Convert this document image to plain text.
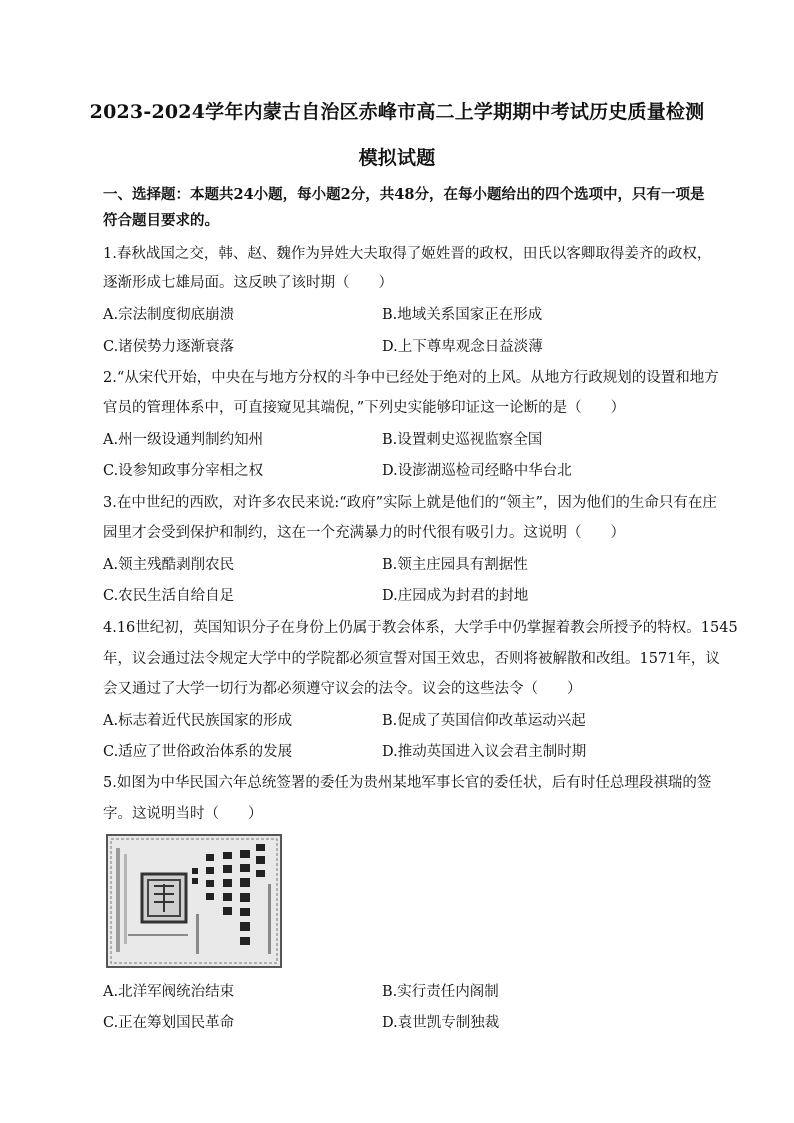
2023-2024学年内蒙古自治区赤峰市高二上学期期中考试历史质量检测
模拟试题
一、选择题：本题共24小题，每小题2分，共48分，在每小题给出的四个选项中，只有一项是
符合题目要求的。
1.春秋战国之交，韩、赵、魏作为异姓大夫取得了姬姓晋的政权，田氏以客卿取得姜齐的政权，
逐渐形成七雄局面。这反映了该时期（　　）
A.宗法制度彻底崩溃	B.地域关系国家正在形成
C.诸侯势力逐渐衰落	D.上下尊卑观念日益淡薄
2.“从宋代开始，中央在与地方分权的斗争中已经处于绝对的上风。从地方行政规划的设置和地方
官员的管理体系中，可直接窥见其端倪，”下列史实能够印证这一论断的是（　　）
A.州一级设通判制约知州	B.设置刺史巡视监察全国
C.设参知政事分宰相之权	D.设澎湖巡检司经略中华台北
3.在中世纪的西欧，对许多农民来说:“政府”实际上就是他们的“领主”，因为他们的生命只有在庄
园里才会受到保护和制约，这在一个充满暴力的时代很有吸引力。这说明（　　）
A.领主残酷剥削农民	B.领主庄园具有割据性
C.农民生活自给自足	D.庄园成为封君的封地
4.16世纪初，英国知识分子在身份上仍属于教会体系，大学手中仍掌握着教会所授予的特权。1545
年，议会通过法令规定大学中的学院都必须宣誓对国王效忠，否则将被解散和改组。1571年，议
会又通过了大学一切行为都必须遵守议会的法令。议会的这些法令（　　）
A.标志着近代民族国家的形成	B.促成了英国信仰改革运动兴起
C.适应了世俗政治体系的发展	D.推动英国进入议会君主制时期
5.如图为中华民国六年总统签署的委任为贵州某地军事长官的委任状，后有时任总理段祺瑞的签
字。这说明当时（　　）
A.北洋军阀统治结束	B.实行责任内阁制
C.正在筹划国民革命	D.袁世凯专制独裁
